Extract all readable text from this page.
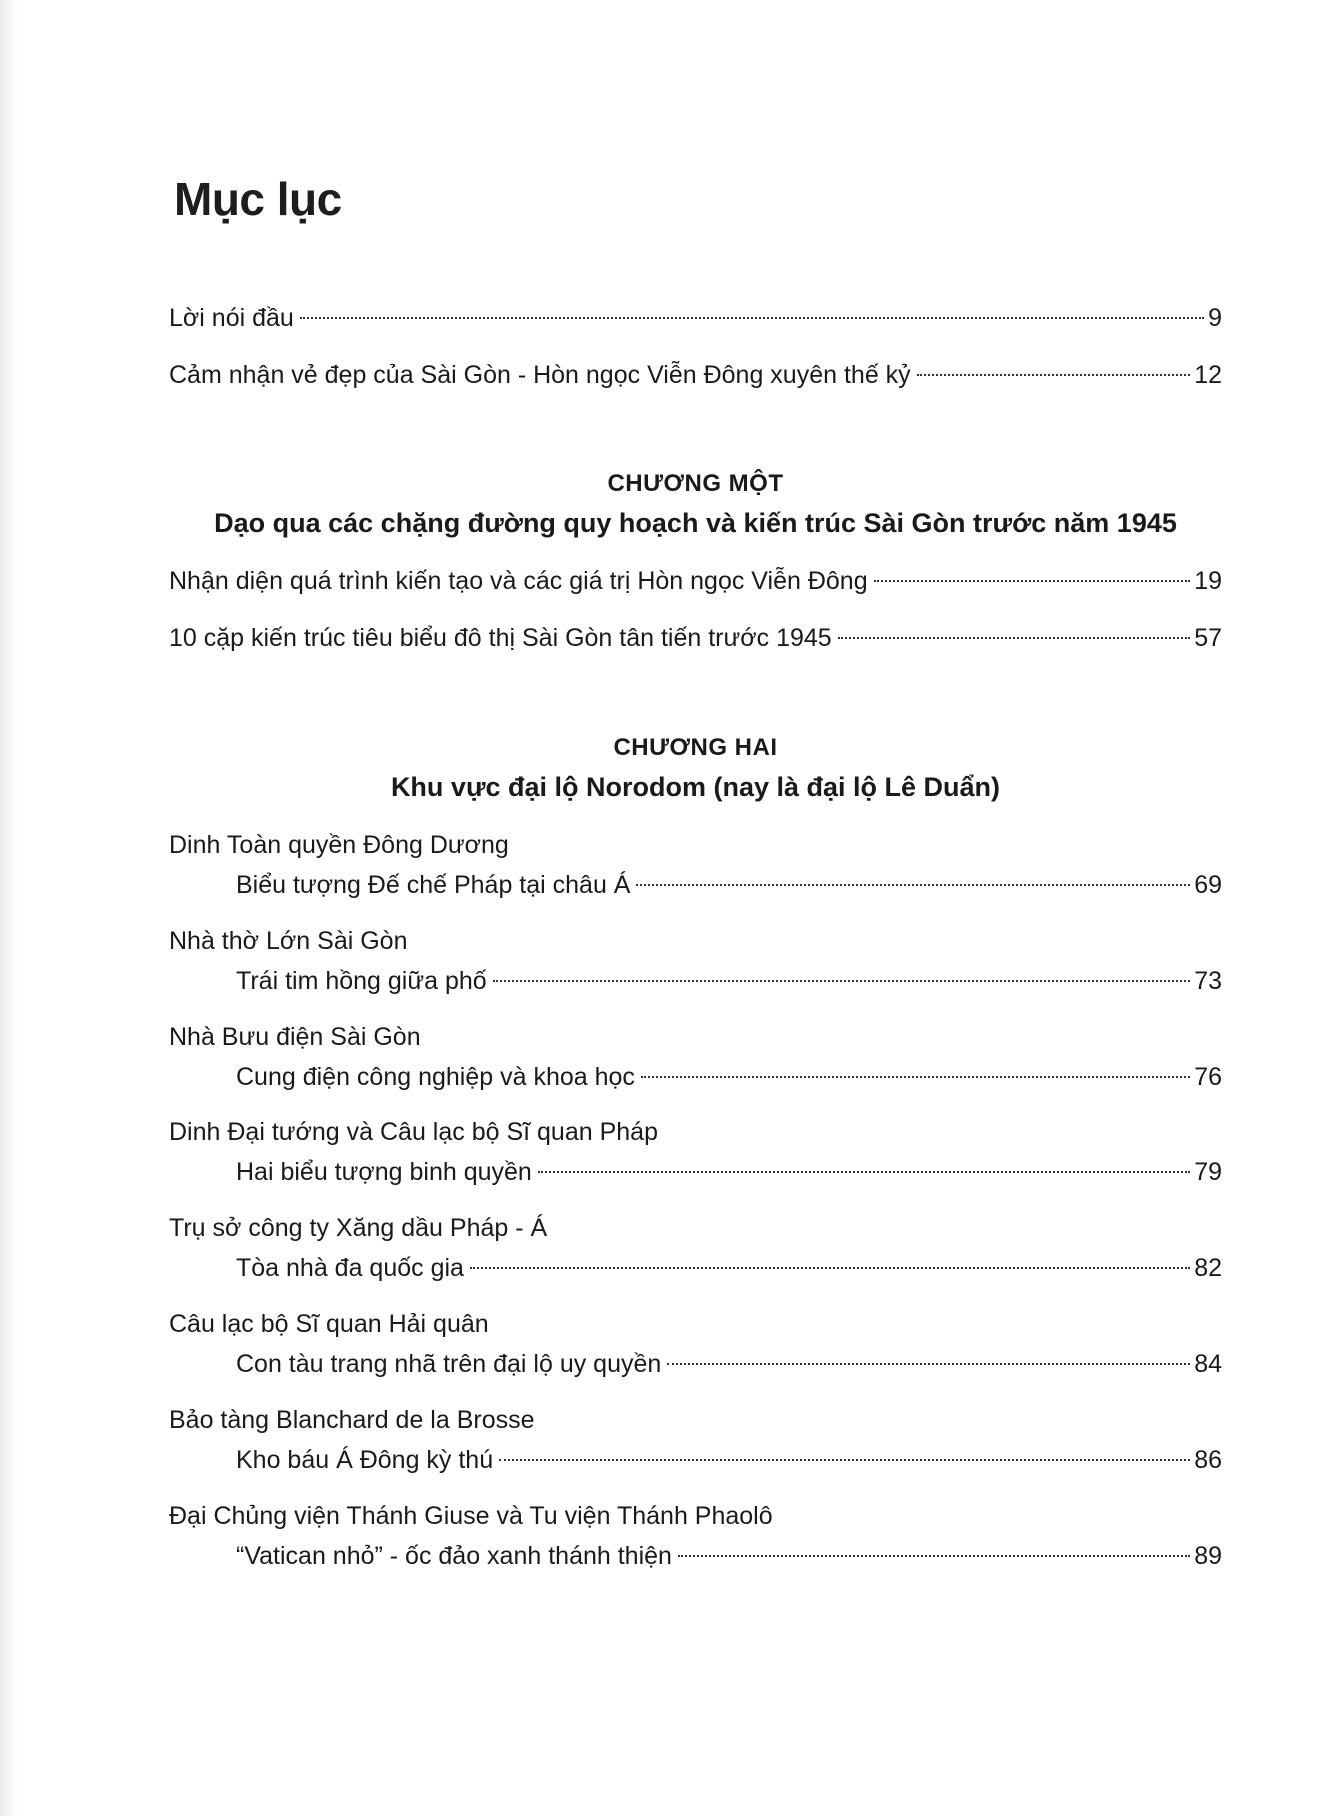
Mục lục
Lời nói đầu	9
Cảm nhận vẻ đẹp của Sài Gòn - Hòn ngọc Viễn Đông xuyên thế kỷ	12
CHƯƠNG MỘT
Dạo qua các chặng đường quy hoạch và kiến trúc Sài Gòn trước năm 1945
Nhận diện quá trình kiến tạo và các giá trị Hòn ngọc Viễn Đông	19
10 cặp kiến trúc tiêu biểu đô thị Sài Gòn tân tiến trước 1945	57
CHƯƠNG HAI
Khu vực đại lộ Norodom (nay là đại lộ Lê Duẩn)
Dinh Toàn quyền Đông Dương
Biểu tượng Đế chế Pháp tại châu Á	69
Nhà thờ Lớn Sài Gòn
Trái tim hồng giữa phố	73
Nhà Bưu điện Sài Gòn
Cung điện công nghiệp và khoa học	76
Dinh Đại tướng và Câu lạc bộ Sĩ quan Pháp
Hai biểu tượng binh quyền	79
Trụ sở công ty Xăng dầu Pháp - Á
Tòa nhà đa quốc gia	82
Câu lạc bộ Sĩ quan Hải quân
Con tàu trang nhã trên đại lộ uy quyền	84
Bảo tàng Blanchard de la Brosse
Kho báu Á Đông kỳ thú	86
Đại Chủng viện Thánh Giuse và Tu viện Thánh Phaolô
“Vatican nhỏ” - ốc đảo xanh thánh thiện	89
